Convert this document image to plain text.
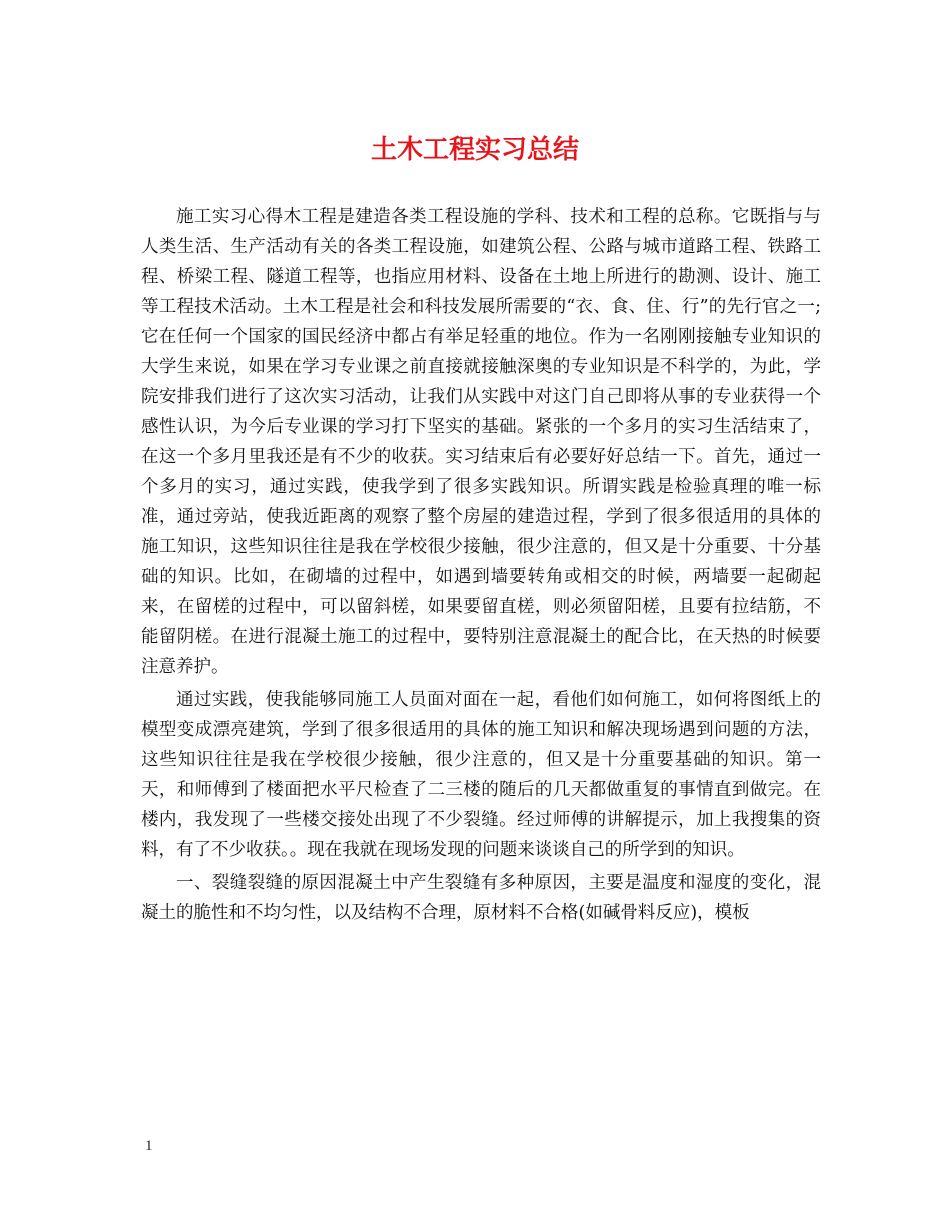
土木工程实习总结

施工实习心得木工程是建造各类工程设施的学科、技术和工程的总称。它既指与与人类生活、生产活动有关的各类工程设施，如建筑公程、公路与城市道路工程、铁路工程、桥梁工程、隧道工程等，也指应用材料、设备在土地上所进行的勘测、设计、施工等工程技术活动。土木工程是社会和科技发展所需要的“衣、食、住、行”的先行官之一;它在任何一个国家的国民经济中都占有举足轻重的地位。作为一名刚刚接触专业知识的大学生来说，如果在学习专业课之前直接就接触深奥的专业知识是不科学的，为此，学院安排我们进行了这次实习活动，让我们从实践中对这门自己即将从事的专业获得一个感性认识，为今后专业课的学习打下坚实的基础。紧张的一个多月的实习生活结束了，在这一个多月里我还是有不少的收获。实习结束后有必要好好总结一下。首先，通过一个多月的实习，通过实践，使我学到了很多实践知识。所谓实践是检验真理的唯一标准，通过旁站，使我近距离的观察了整个房屋的建造过程，学到了很多很适用的具体的施工知识，这些知识往往是我在学校很少接触，很少注意的，但又是十分重要、十分基础的知识。比如，在砌墙的过程中，如遇到墙要转角或相交的时候，两墙要一起砌起来，在留槎的过程中，可以留斜槎，如果要留直槎，则必须留阳槎，且要有拉结筋，不能留阴槎。在进行混凝土施工的过程中，要特别注意混凝土的配合比，在天热的时候要注意养护。

通过实践，使我能够同施工人员面对面在一起，看他们如何施工，如何将图纸上的模型变成漂亮建筑，学到了很多很适用的具体的施工知识和解决现场遇到问题的方法，这些知识往往是我在学校很少接触，很少注意的，但又是十分重要基础的知识。第一天，和师傅到了楼面把水平尺检查了二三楼的随后的几天都做重复的事情直到做完。在楼内，我发现了一些楼交接处出现了不少裂缝。经过师傅的讲解提示，加上我搜集的资料，有了不少收获。。现在我就在现场发现的问题来谈谈自己的所学到的知识。

一、裂缝裂缝的原因混凝土中产生裂缝有多种原因，主要是温度和湿度的变化，混凝土的脆性和不均匀性，以及结构不合理，原材料不合格(如碱骨料反应)，模板

1
